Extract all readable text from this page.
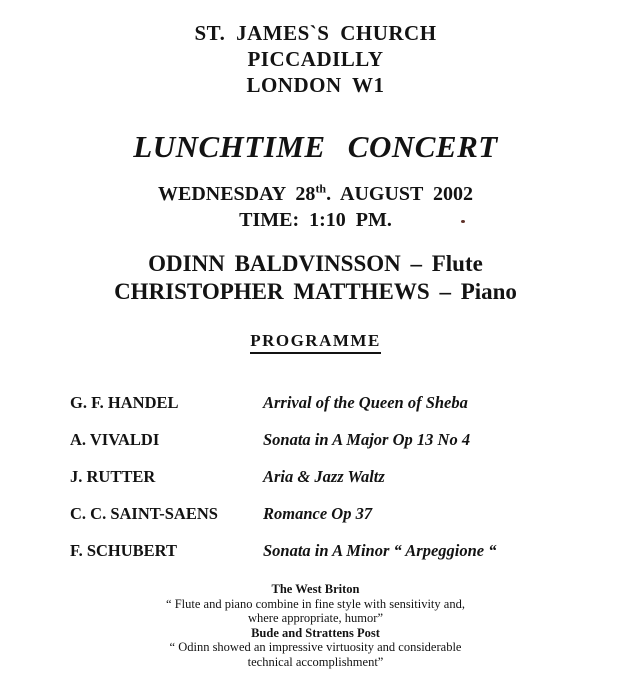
ST. JAMES`S CHURCH
PICCADILLY
LONDON W1
LUNCHTIME CONCERT
WEDNESDAY 28th. AUGUST 2002
TIME: 1:10 PM.
ODINN BALDVINSSON – Flute
CHRISTOPHER MATTHEWS – Piano
PROGRAMME
G. F. HANDEL	Arrival of the Queen of Sheba
A. VIVALDI	Sonata in A Major Op 13 No 4
J. RUTTER	Aria & Jazz Waltz
C. C. SAINT-SAENS	Romance Op 37
F. SCHUBERT	Sonata in A Minor “ Arpeggione “
The West Briton
“ Flute and piano combine in fine style with sensitivity and,
where appropriate, humor”
Bude and Strattens Post
“ Odinn showed an impressive virtuosity and considerable
technical accomplishment”
